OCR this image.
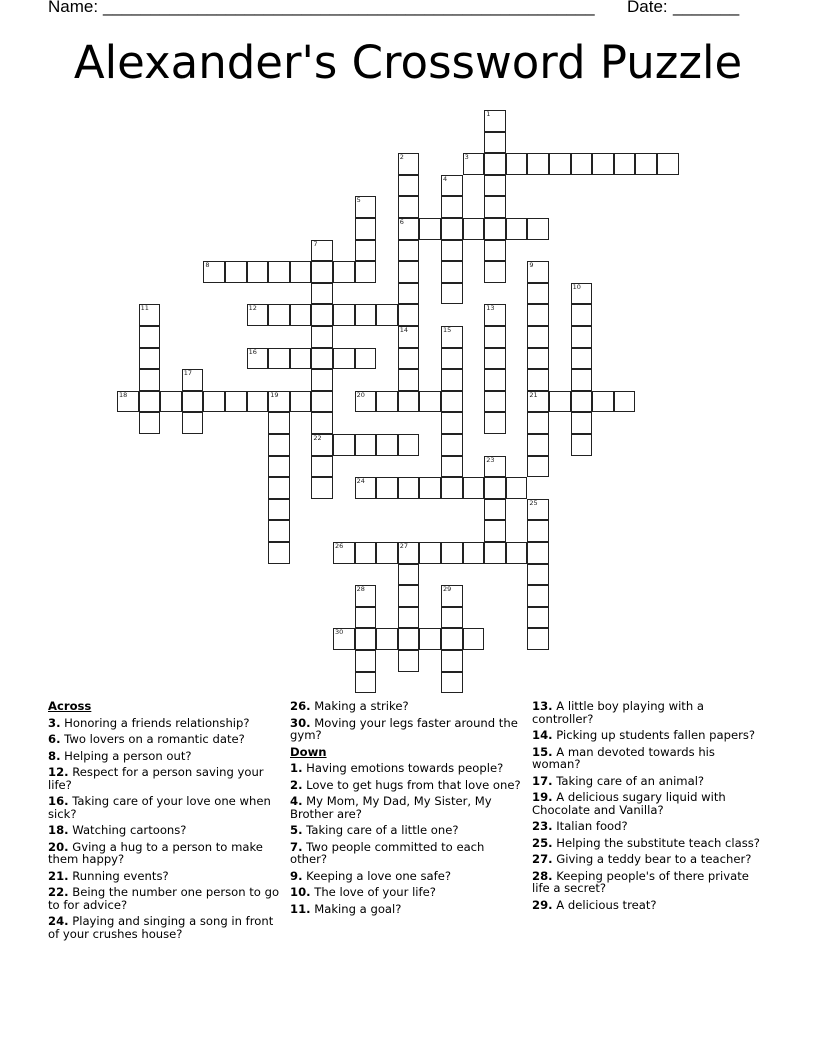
Name: ____________________________________________________ Date: _______
Alexander's Crossword Puzzle
1
2
6
3
4
5
7
22
8	9
21
10
11	12	13
14	15
16
17
18	19	20
23
24
25
26	27
28	29
30
Across
3. Honoring a friends relationship?
6. Two lovers on a romantic date?
8. Helping a person out?
12. Respect for a person saving your life?
16. Taking care of your love one when sick?
18. Watching cartoons?
20. Gving a hug to a person to make them happy?
21. Running events?
22. Being the number one person to go to for advice?
24. Playing and singing a song in front of your crushes house?
26. Making a strike?
30. Moving your legs faster around the gym?
Down
1. Having emotions towards people?
2. Love to get hugs from that love one?
4. My Mom, My Dad, My Sister, My Brother are?
5. Taking care of a little one?
7. Two people committed to each other?
9. Keeping a love one safe?
10. The love of your life?
11. Making a goal?
13. A little boy playing with a controller?
14. Picking up students fallen papers?
15. A man devoted towards his woman?
17. Taking care of an animal?
19. A delicious sugary liquid with Chocolate and Vanilla?
23. Italian food?
25. Helping the substitute teach class?
27. Giving a teddy bear to a teacher?
28. Keeping people's of there private life a secret?
29. A delicious treat?
